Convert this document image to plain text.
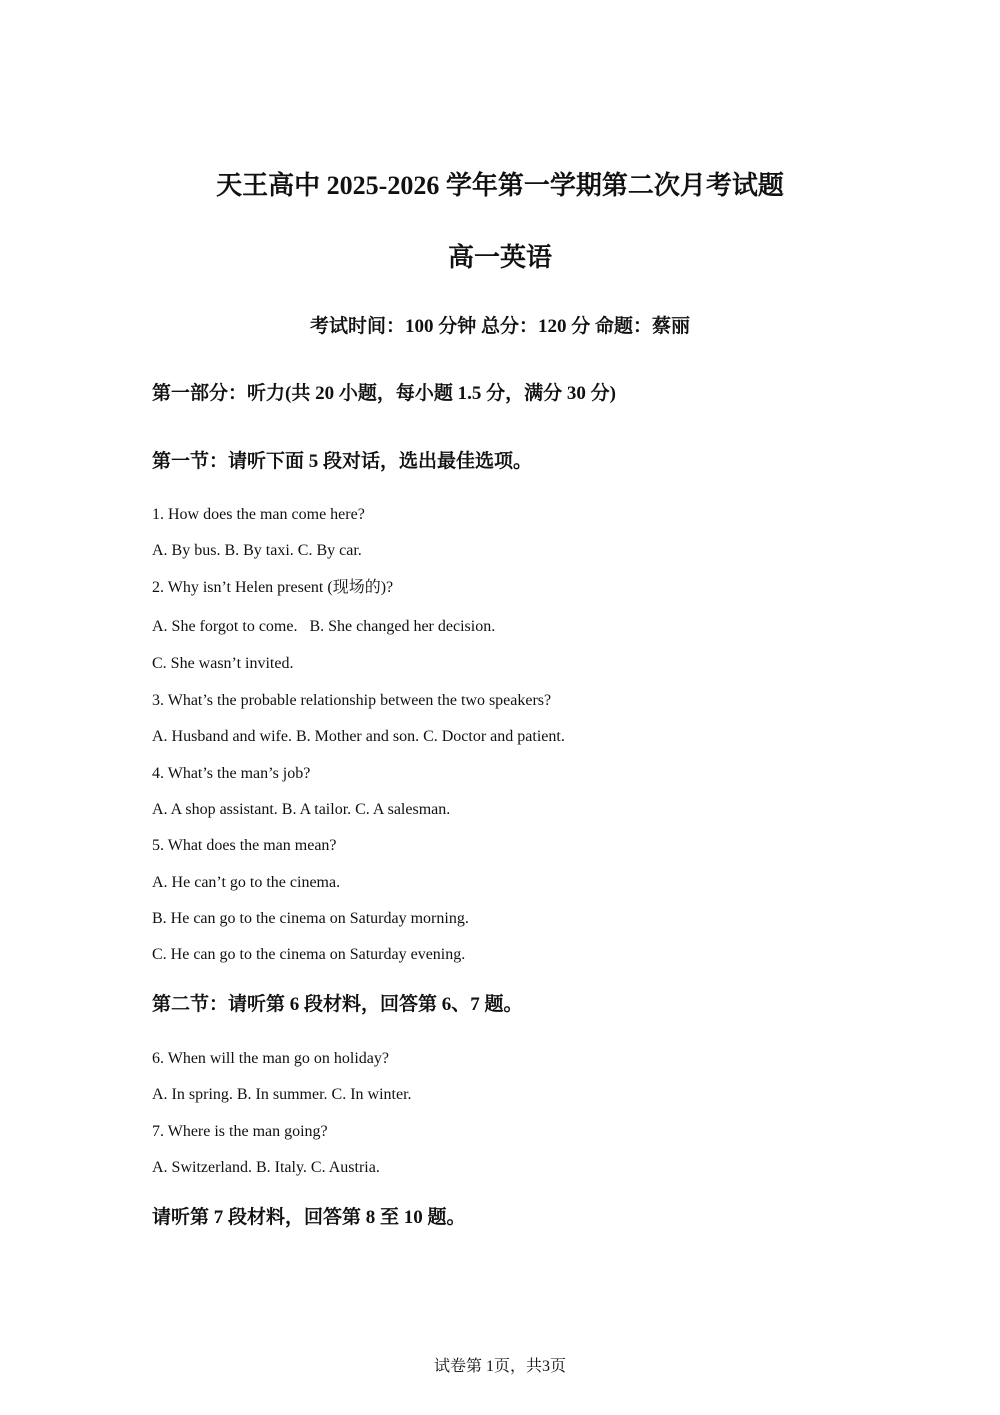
天王高中 2025-2026 学年第一学期第二次月考试题
高一英语
考试时间：100 分钟 总分：120 分 命题：蔡丽
第一部分：听力(共 20 小题，每小题 1.5 分，满分 30 分)
第一节：请听下面 5 段对话，选出最佳选项。
1. How does the man come here?
A. By bus. B. By taxi. C. By car.
2. Why isn’t Helen present (现场的)?
A. She forgot to come.   B. She changed her decision.
C. She wasn’t invited.
3. What’s the probable relationship between the two speakers?
A. Husband and wife. B. Mother and son. C. Doctor and patient.
4. What’s the man’s job?
A. A shop assistant. B. A tailor. C. A salesman.
5. What does the man mean?
A. He can’t go to the cinema.
B. He can go to the cinema on Saturday morning.
C. He can go to the cinema on Saturday evening.
第二节：请听第 6 段材料，回答第 6、7 题。
6. When will the man go on holiday?
A. In spring. B. In summer. C. In winter.
7. Where is the man going?
A. Switzerland. B. Italy. C. Austria.
请听第 7 段材料，回答第 8 至 10 题。
试卷第 1页，共3页
